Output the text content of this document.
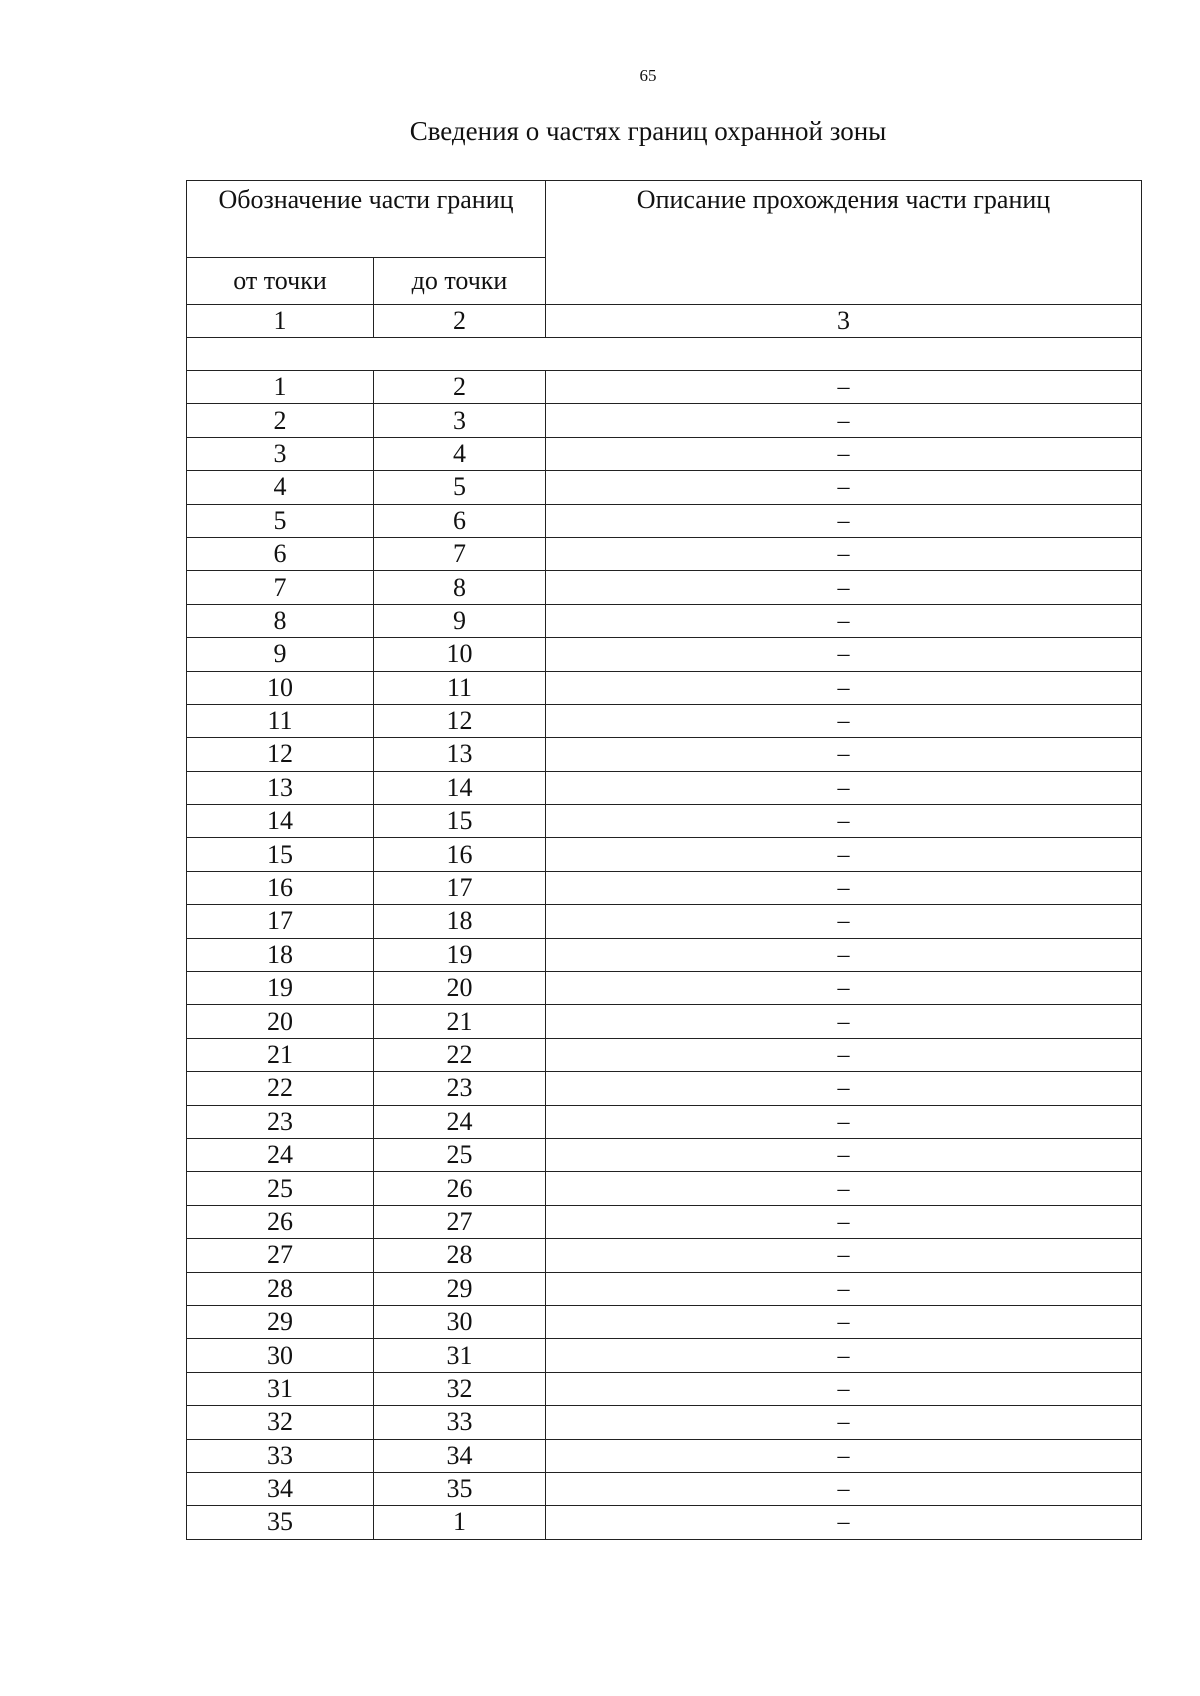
65
Сведения о частях границ охранной зоны
Обозначение части границ		Описание прохождения части границ
от точки	до точки	
1	2	3

1	2	–
2	3	–
3	4	–
4	5	–
5	6	–
6	7	–
7	8	–
8	9	–
9	10	–
10	11	–
11	12	–
12	13	–
13	14	–
14	15	–
15	16	–
16	17	–
17	18	–
18	19	–
19	20	–
20	21	–
21	22	–
22	23	–
23	24	–
24	25	–
25	26	–
26	27	–
27	28	–
28	29	–
29	30	–
30	31	–
31	32	–
32	33	–
33	34	–
34	35	–
35	1	–
